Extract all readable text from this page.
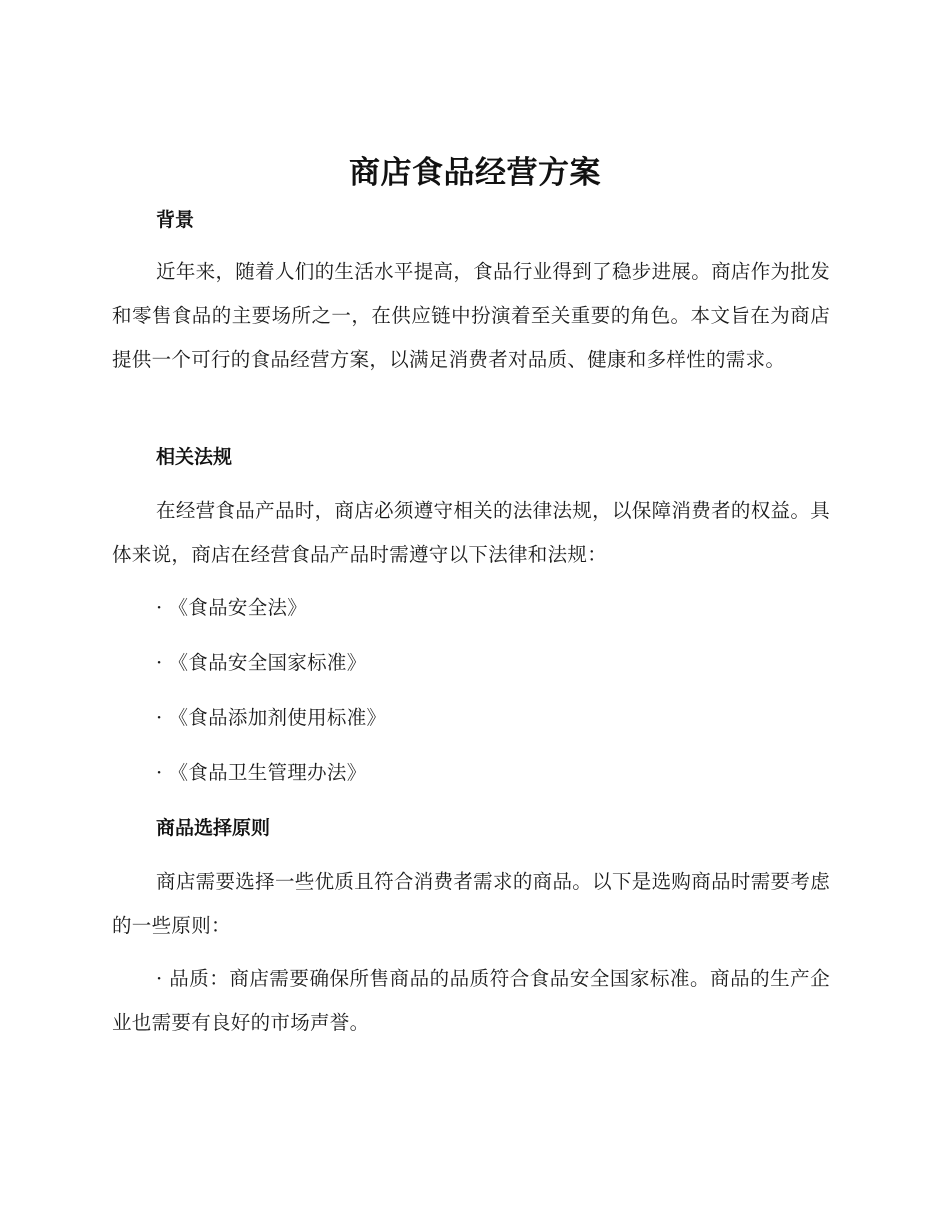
商店食品经营方案
背景
近年来，随着人们的生活水平提高，食品行业得到了稳步进展。商店作为批发和零售食品的主要场所之一，在供应链中扮演着至关重要的角色。本文旨在为商店提供一个可行的食品经营方案，以满足消费者对品质、健康和多样性的需求。
相关法规
在经营食品产品时，商店必须遵守相关的法律法规，以保障消费者的权益。具体来说，商店在经营食品产品时需遵守以下法律和法规：
· 《食品安全法》
· 《食品安全国家标准》
· 《食品添加剂使用标准》
· 《食品卫生管理办法》
商品选择原则
商店需要选择一些优质且符合消费者需求的商品。以下是选购商品时需要考虑的一些原则：
· 品质：商店需要确保所售商品的品质符合食品安全国家标准。商品的生产企业也需要有良好的市场声誉。
